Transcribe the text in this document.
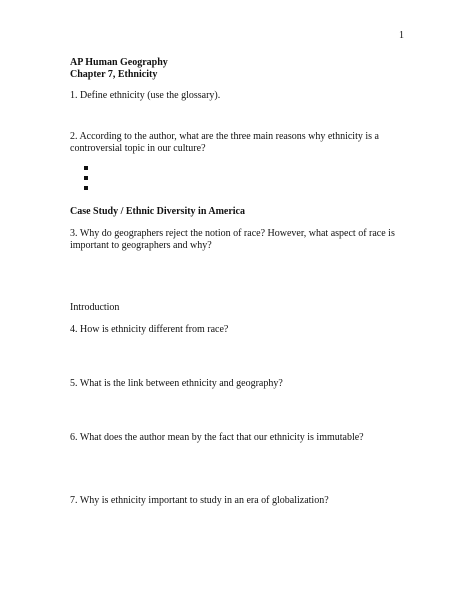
1
AP Human Geography
Chapter 7, Ethnicity
1. Define ethnicity (use the glossary).
2. According to the author, what are the three main reasons why ethnicity is a
controversial topic in our culture?
Case Study / Ethnic Diversity in America
3. Why do geographers reject the notion of race? However, what aspect of race is
important to geographers and why?
Introduction
4. How is ethnicity different from race?
5. What is the link between ethnicity and geography?
6. What does the author mean by the fact that our ethnicity is immutable?
7. Why is ethnicity important to study in an era of globalization?
